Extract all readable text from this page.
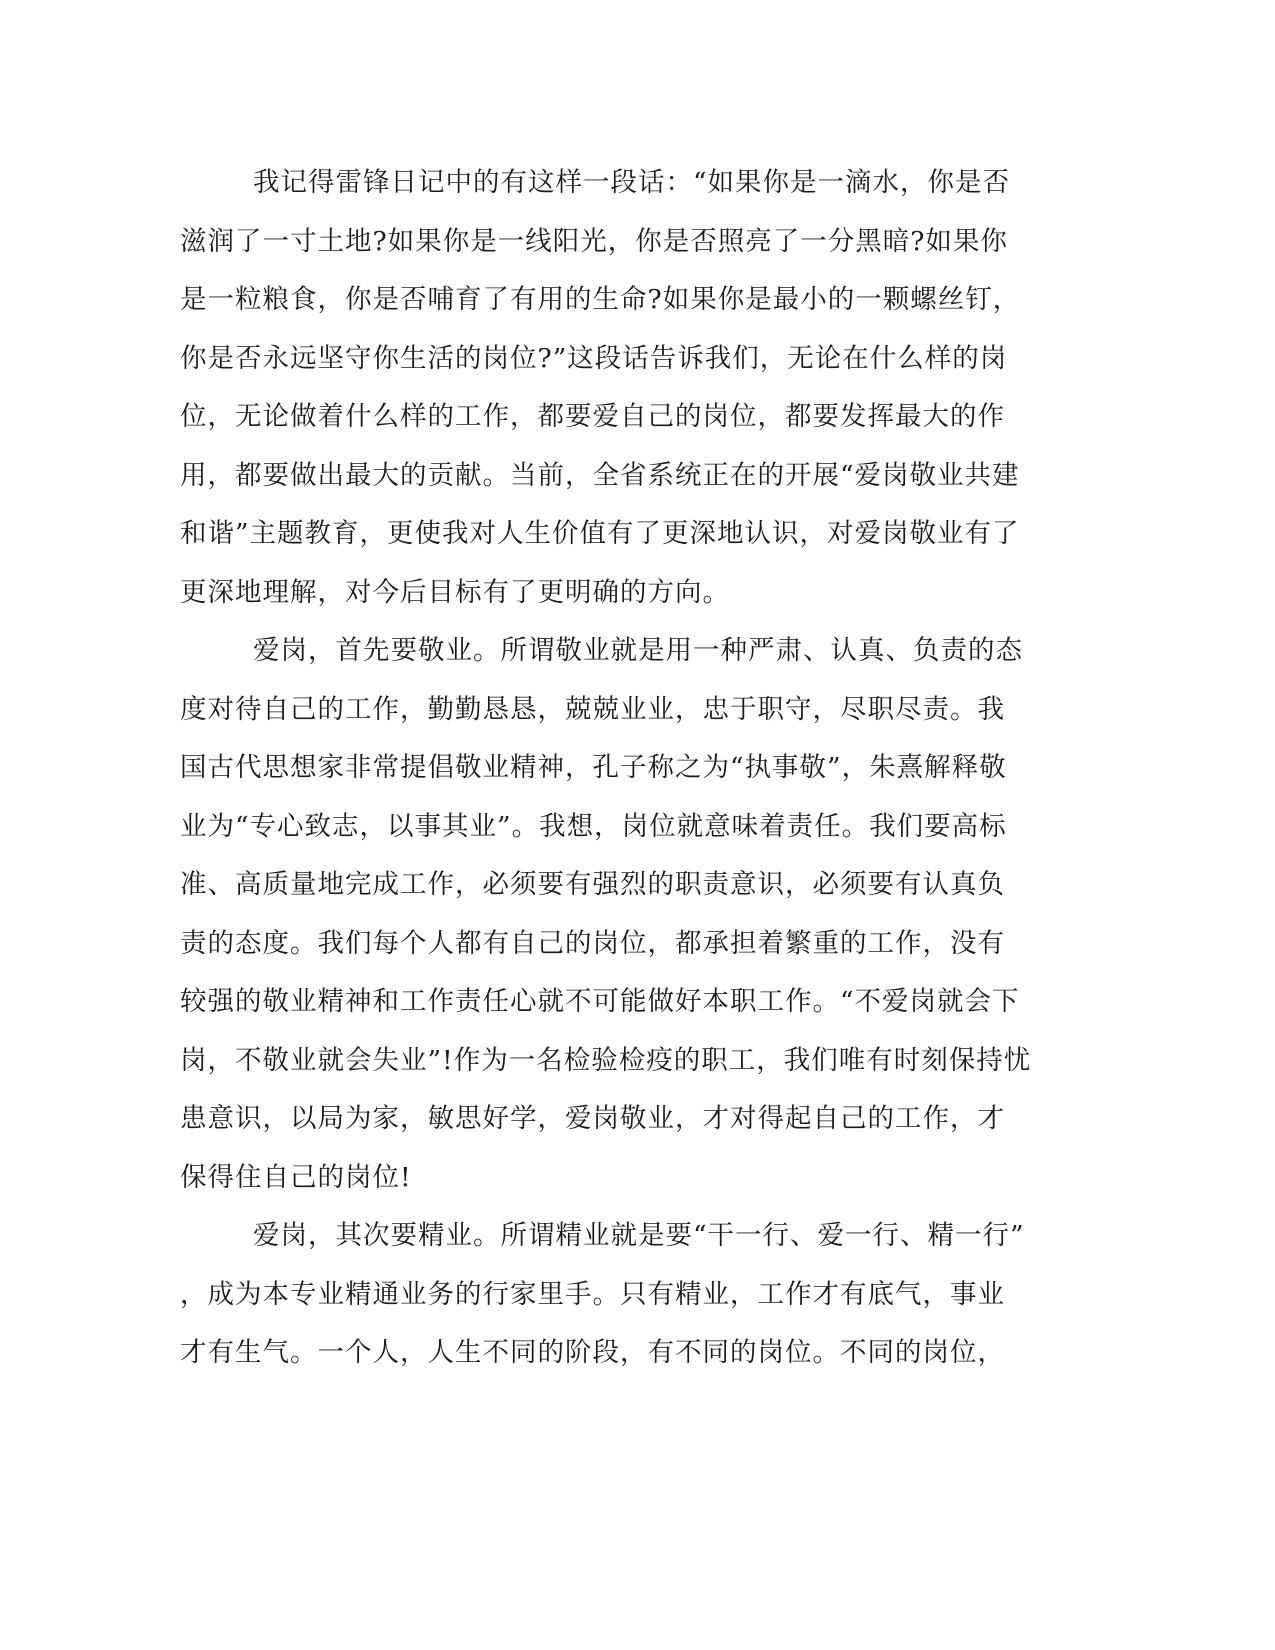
我记得雷锋日记中的有这样一段话：“如果你是一滴水，你是否
滋润了一寸土地?如果你是一线阳光，你是否照亮了一分黑暗?如果你
是一粒粮食，你是否哺育了有用的生命?如果你是最小的一颗螺丝钉，
你是否永远坚守你生活的岗位?”这段话告诉我们，无论在什么样的岗
位，无论做着什么样的工作，都要爱自己的岗位，都要发挥最大的作
用，都要做出最大的贡献。当前，全省系统正在的开展“爱岗敬业共建
和谐”主题教育，更使我对人生价值有了更深地认识，对爱岗敬业有了
更深地理解，对今后目标有了更明确的方向。
爱岗，首先要敬业。所谓敬业就是用一种严肃、认真、负责的态
度对待自己的工作，勤勤恳恳，兢兢业业，忠于职守，尽职尽责。我
国古代思想家非常提倡敬业精神，孔子称之为“执事敬”，朱熹解释敬
业为“专心致志，以事其业”。我想，岗位就意味着责任。我们要高标
准、高质量地完成工作，必须要有强烈的职责意识，必须要有认真负
责的态度。我们每个人都有自己的岗位，都承担着繁重的工作，没有
较强的敬业精神和工作责任心就不可能做好本职工作。“不爱岗就会下
岗，不敬业就会失业”!作为一名检验检疫的职工，我们唯有时刻保持忧
患意识，以局为家，敏思好学，爱岗敬业，才对得起自己的工作，才
保得住自己的岗位!
爱岗，其次要精业。所谓精业就是要“干一行、爱一行、精一行”
，成为本专业精通业务的行家里手。只有精业，工作才有底气，事业
才有生气。一个人，人生不同的阶段，有不同的岗位。不同的岗位，
